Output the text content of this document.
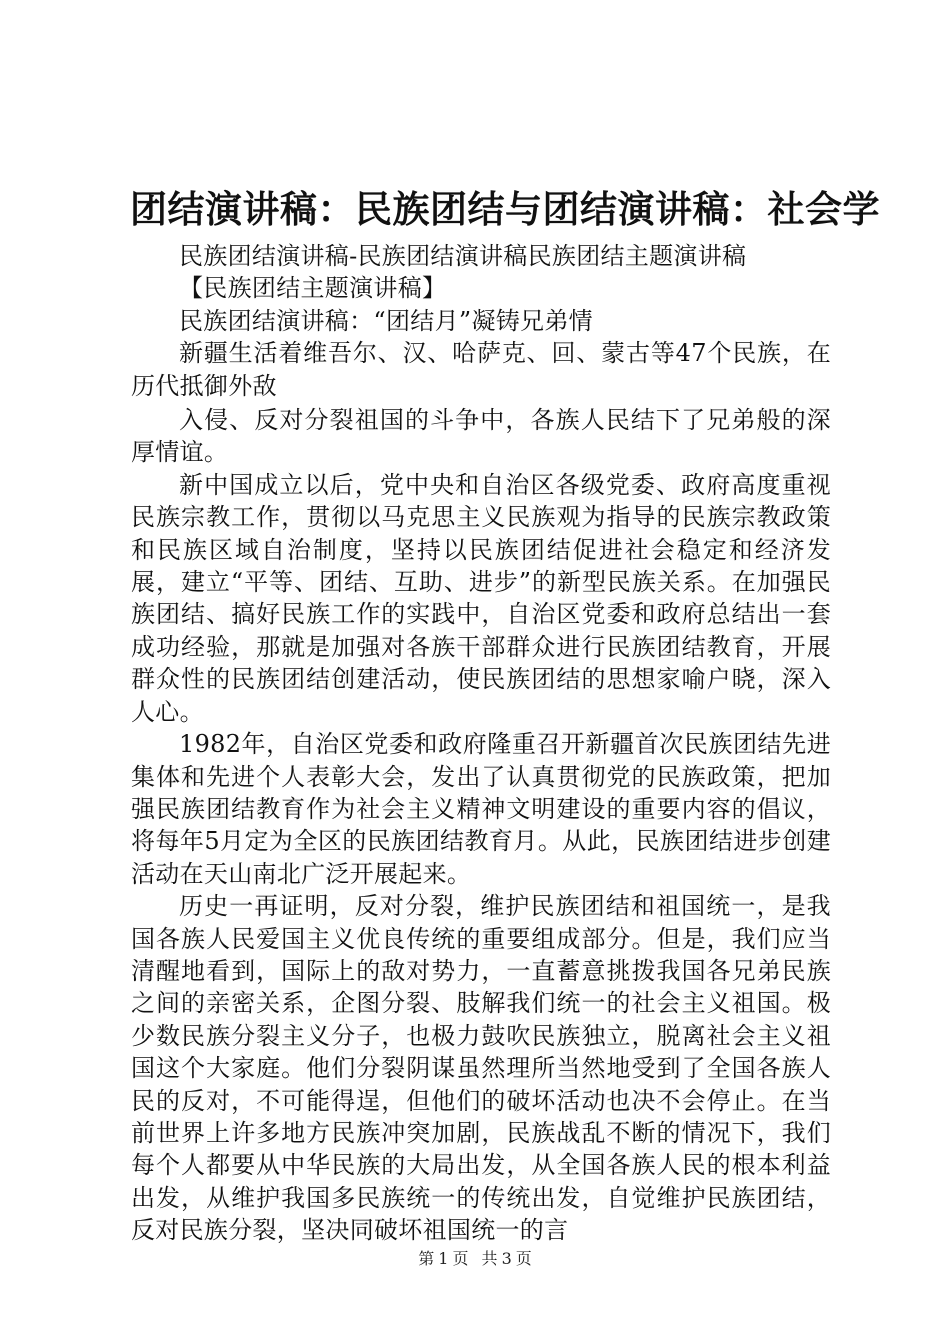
团结演讲稿：民族团结与团结演讲稿：社会学

民族团结演讲稿-民族团结演讲稿民族团结主题演讲稿

【民族团结主题演讲稿】

民族团结演讲稿：“团结月”凝铸兄弟情

新疆生活着维吾尔、汉、哈萨克、回、蒙古等47个民族，在历代抵御外敌

入侵、反对分裂祖国的斗争中，各族人民结下了兄弟般的深厚情谊。

新中国成立以后，党中央和自治区各级党委、政府高度重视民族宗教工作，贯彻以马克思主义民族观为指导的民族宗教政策和民族区域自治制度，坚持以民族团结促进社会稳定和经济发展，建立“平等、团结、互助、进步”的新型民族关系。在加强民族团结、搞好民族工作的实践中，自治区党委和政府总结出一套成功经验，那就是加强对各族干部群众进行民族团结教育，开展群众性的民族团结创建活动，使民族团结的思想家喻户晓，深入人心。

1982年，自治区党委和政府隆重召开新疆首次民族团结先进集体和先进个人表彰大会，发出了认真贯彻党的民族政策，把加强民族团结教育作为社会主义精神文明建设的重要内容的倡议，将每年5月定为全区的民族团结教育月。从此，民族团结进步创建活动在天山南北广泛开展起来。

历史一再证明，反对分裂，维护民族团结和祖国统一，是我国各族人民爱国主义优良传统的重要组成部分。但是，我们应当清醒地看到，国际上的敌对势力，一直蓄意挑拨我国各兄弟民族之间的亲密关系，企图分裂、肢解我们统一的社会主义祖国。极少数民族分裂主义分子，也极力鼓吹民族独立，脱离社会主义祖国这个大家庭。他们分裂阴谋虽然理所当然地受到了全国各族人民的反对，不可能得逞，但他们的破坏活动也决不会停止。在当前世界上许多地方民族冲突加剧，民族战乱不断的情况下，我们每个人都要从中华民族的大局出发，从全国各族人民的根本利益出发，从维护我国多民族统一的传统出发，自觉维护民族团结，反对民族分裂，坚决同破坏祖国统一的言

第 1 页 共 3 页
